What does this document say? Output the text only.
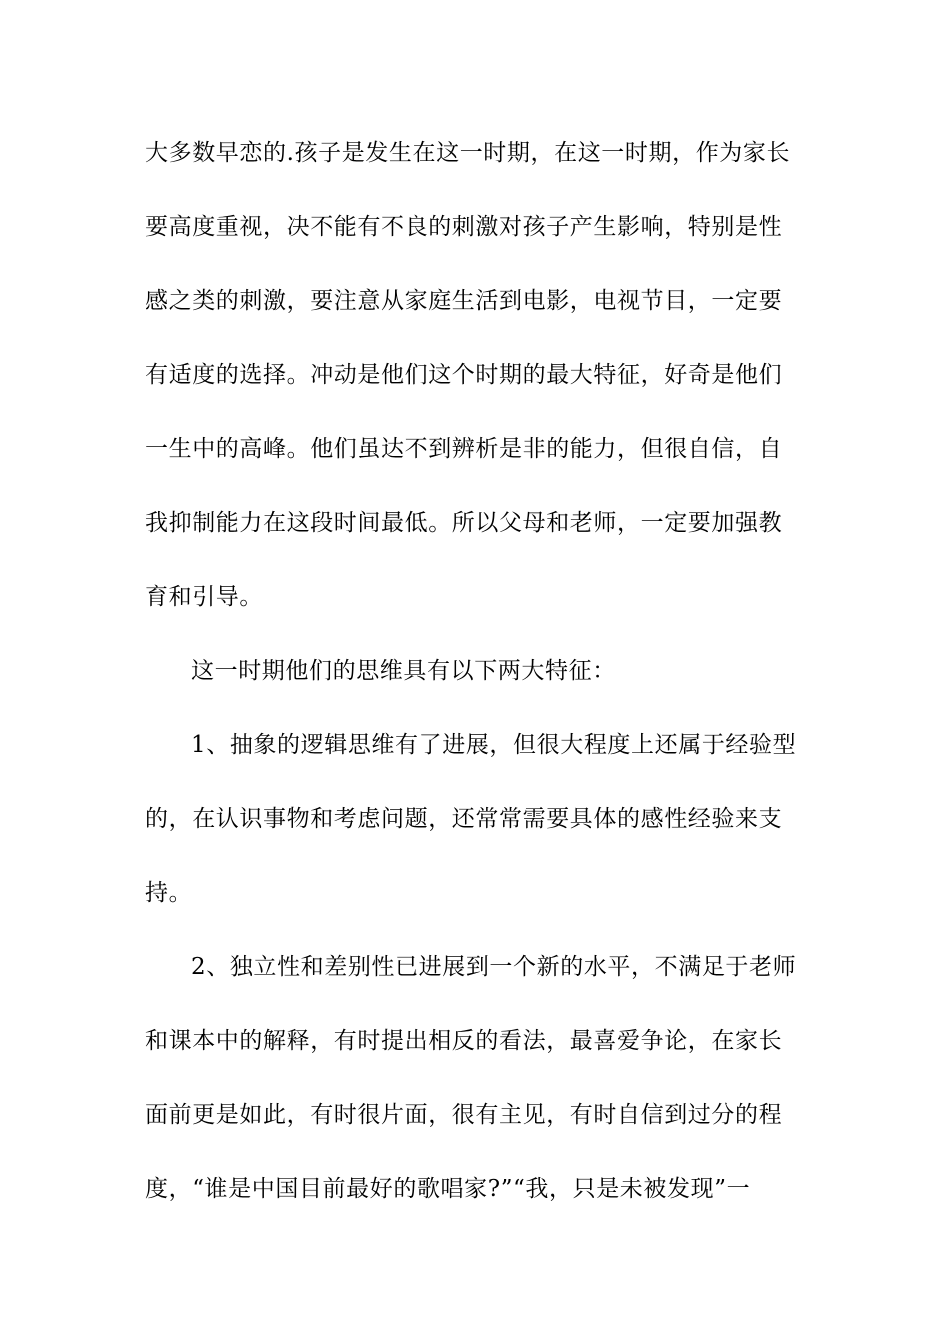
大多数早恋的.孩子是发生在这一时期，在这一时期，作为家长
要高度重视，决不能有不良的刺激对孩子产生影响，特别是性
感之类的刺激，要注意从家庭生活到电影，电视节目，一定要
有适度的选择。冲动是他们这个时期的最大特征，好奇是他们
一生中的高峰。他们虽达不到辨析是非的能力，但很自信，自
我抑制能力在这段时间最低。所以父母和老师，一定要加强教
育和引导。
这一时期他们的思维具有以下两大特征：
1、抽象的逻辑思维有了进展，但很大程度上还属于经验型
的，在认识事物和考虑问题，还常常需要具体的感性经验来支
持。
2、独立性和差别性已进展到一个新的水平，不满足于老师
和课本中的解释，有时提出相反的看法，最喜爱争论，在家长
面前更是如此，有时很片面，很有主见，有时自信到过分的程
度，“谁是中国目前最好的歌唱家?”“我，只是未被发现”一
